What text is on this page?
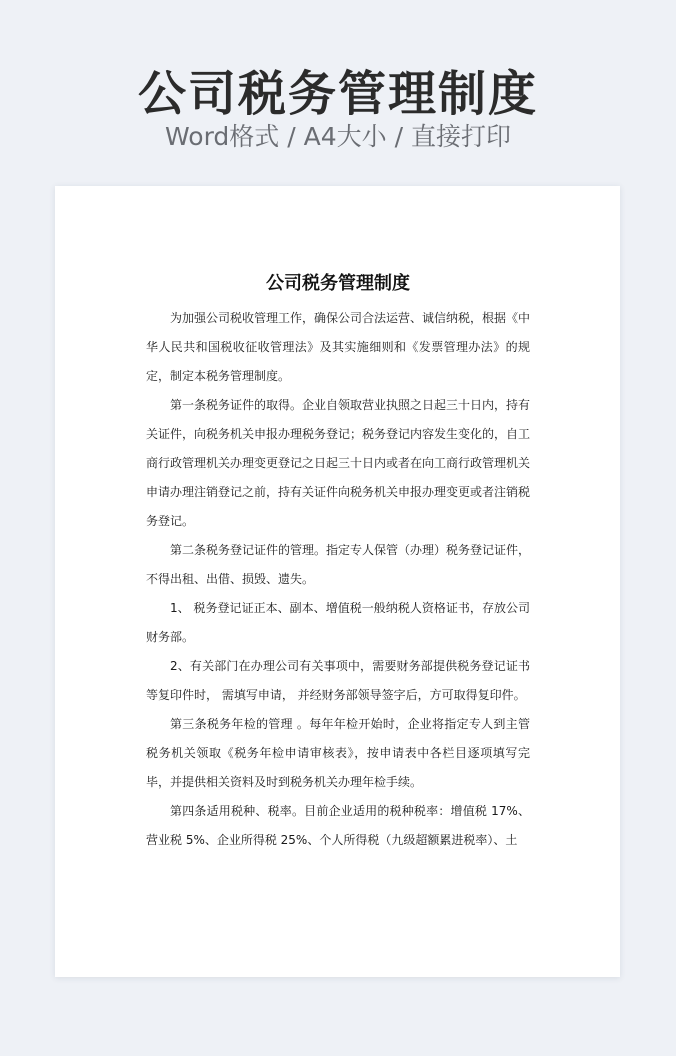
公司税务管理制度
Word格式 / A4大小 / 直接打印
公司税务管理制度

为加强公司税收管理工作，确保公司合法运营、诚信纳税，根据《中华人民共和国税收征收管理法》及其实施细则和《发票管理办法》的规定，制定本税务管理制度。

第一条税务证件的取得。企业自领取营业执照之日起三十日内，持有关证件，向税务机关申报办理税务登记；税务登记内容发生变化的，自工商行政管理机关办理变更登记之日起三十日内或者在向工商行政管理机关申请办理注销登记之前，持有关证件向税务机关申报办理变更或者注销税务登记。

第二条税务登记证件的管理。指定专人保管（办理）税务登记证件，不得出租、出借、损毁、遗失。

1、 税务登记证正本、副本、增值税一般纳税人资格证书，存放公司财务部。

2、有关部门在办理公司有关事项中，需要财务部提供税务登记证书等复印件时， 需填写申请， 并经财务部领导签字后，方可取得复印件。

第三条税务年检的管理 。每年年检开始时，企业将指定专人到主管税务机关领取《税务年检申请审核表》，按申请表中各栏目逐项填写完毕，并提供相关资料及时到税务机关办理年检手续。

第四条适用税种、税率。目前企业适用的税种税率：增值税 17%、营业税 5%、企业所得税 25%、个人所得税（九级超额累进税率）、土
